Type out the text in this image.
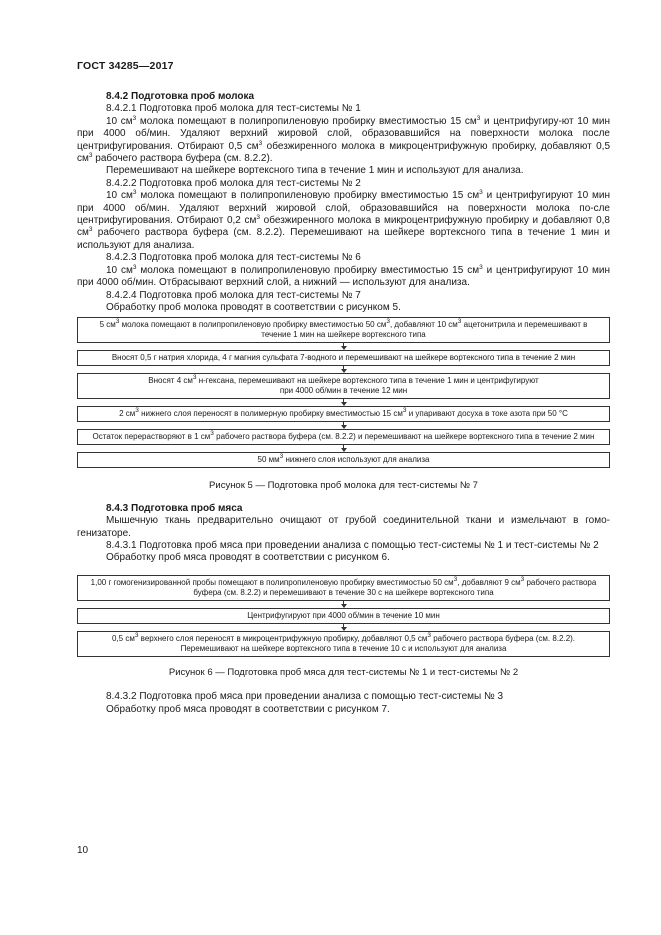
ГОСТ 34285—2017

8.4.2 Подготовка проб молока

8.4.2.1 Подготовка проб молока для тест-системы № 1

10 $см^3$ молока помещают в полипропиленовую пробирку вместимостью 15 $см^3$ и центрифугиру-ют 10 мин при 4000 об/мин. Удаляют верхний жировой слой, образовавшийся на поверхности молока после центрифугирования. Отбирают 0,5 $см^3$ обезжиренного молока в микроцентрифужную пробирку, добавляют 0,5 $см^3$ рабочего раствора буфера (см. 8.2.2).

Перемешивают на шейкере вортексного типа в течение 1 мин и используют для анализа.

8.4.2.2 Подготовка проб молока для тест-системы № 2

10 $см^3$ молока помещают в полипропиленовую пробирку вместимостью 15 $см^3$ и центрифугируют 10 мин при 4000 об/мин. Удаляют верхний жировой слой, образовавшийся на поверхности молока по-сле центрифугирования. Отбирают 0,2 $см^3$ обезжиренного молока в микроцентрифужную пробирку и добавляют 0,8 $см^3$ рабочего раствора буфера (см. 8.2.2). Перемешивают на шейкере вортексного типа в течение 1 мин и используют для анализа.

8.4.2.3 Подготовка проб молока для тест-системы № 6

10 $см^3$ молока помещают в полипропиленовую пробирку вместимостью 15 $см^3$ и центрифугируют 10 мин при 4000 об/мин. Отбрасывают верхний слой, а нижний — используют для анализа.

8.4.2.4 Подготовка проб молока для тест-системы № 7

Обработку проб молока проводят в соответствии с рисунком 5.

5 $см^3$ молока помещают в полипропиленовую пробирку вместимостью 50 $см^3$, добавляют 10 $см^3$ ацетонитрила и перемешивают в течение 1 мин на шейкере вортексного типа
Вносят 0,5 г натрия хлорида, 4 г магния сульфата 7-водного и перемешивают на шейкере вортексного типа в течение 2 мин
Вносят 4 $см^3$ н-гексана, перемешивают на шейкере вортексного типа в течение 1 мин и центрифугируют при 4000 об/мин в течение 12 мин
2 $см^3$ нижнего слоя переносят в полимерную пробирку вместимостью 15 $см^3$ и упаривают досуха в токе азота при 50 °С
Остаток перерастворяют в 1 $см^3$ рабочего раствора буфера (см. 8.2.2) и перемешивают на шейкере вортексного типа в течение 2 мин
50 $мм^3$ нижнего слоя используют для анализа

Рисунок 5 — Подготовка проб молока для тест-системы № 7

8.4.3 Подготовка проб мяса

Мышечную ткань предварительно очищают от грубой соединительной ткани и измельчают в гомо-генизаторе.

8.4.3.1 Подготовка проб мяса при проведении анализа с помощью тест-системы № 1 и тест-системы № 2

Обработку проб мяса проводят в соответствии с рисунком 6.

1,00 г гомогенизированной пробы помещают в полипропиленовую пробирку вместимостью 50 $см^3$, добавляют 9 $см^3$ рабочего раствора буфера (см. 8.2.2) и перемешивают в течение 30 с на шейкере вортексного типа
Центрифугируют при 4000 об/мин в течение 10 мин
0,5 $см^3$ верхнего слоя переносят в микроцентрифужную пробирку, добавляют 0,5 $см^3$ рабочего раствора буфера (см. 8.2.2). Перемешивают на шейкере вортексного типа в течение 10 с и используют для анализа

Рисунок 6 — Подготовка проб мяса для тест-системы № 1 и тест-системы № 2

8.4.3.2 Подготовка проб мяса при проведении анализа с помощью тест-системы № 3

Обработку проб мяса проводят в соответствии с рисунком 7.

10
